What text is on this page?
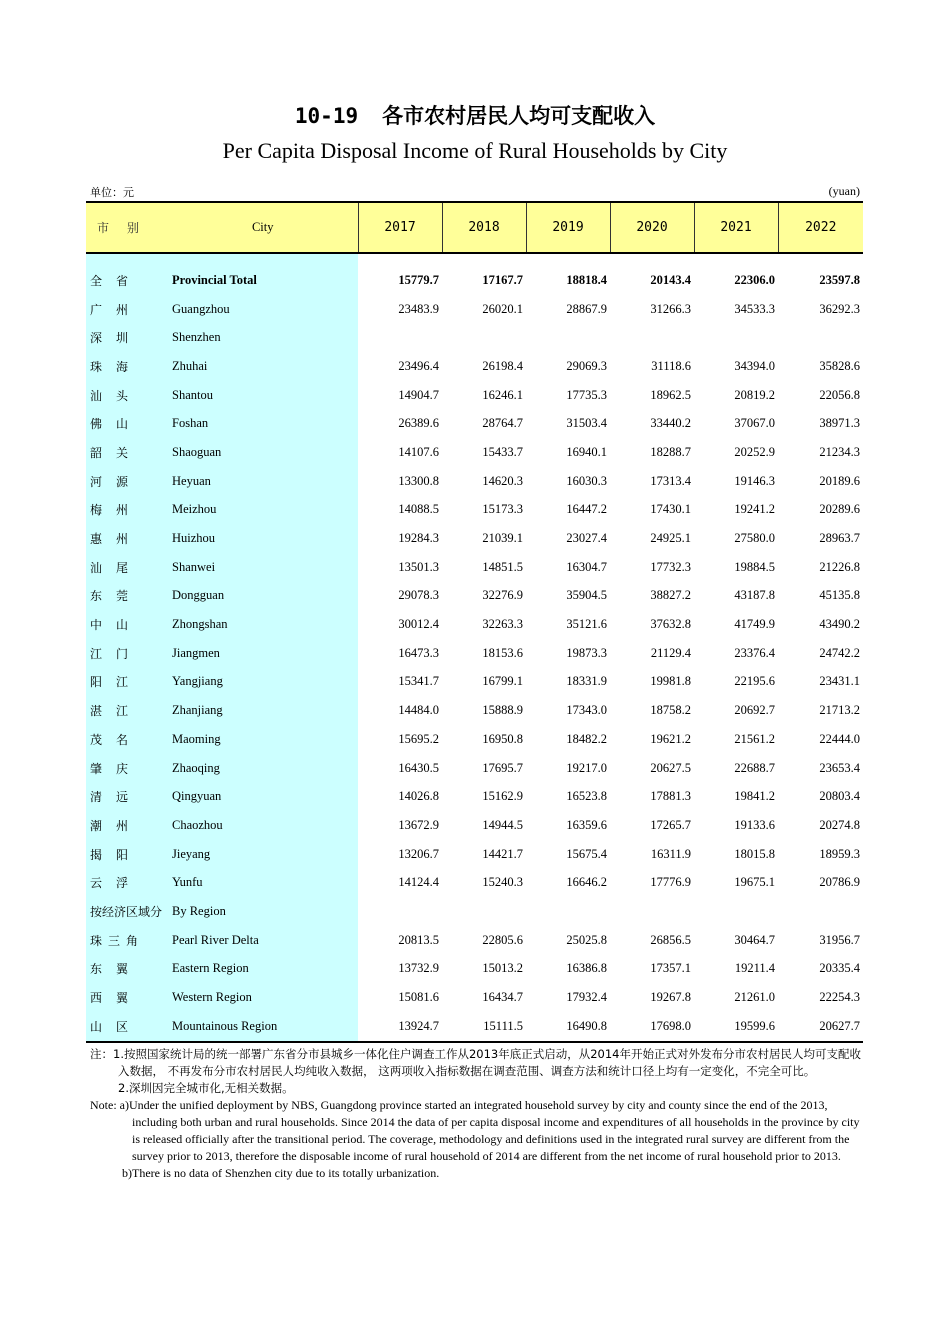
10-19 各市农村居民人均可支配收入
Per Capita Disposal Income of Rural Households by City
单位：元	(yuan)
市别	City	2017	2018	2019	2020	2021	2022

全省	Provincial Total	15779.7	17167.7	18818.4	20143.4	22306.0	23597.8
广州	Guangzhou	23483.9	26020.1	28867.9	31266.3	34533.3	36292.3
深圳	Shenzhen						
珠海	Zhuhai	23496.4	26198.4	29069.3	31118.6	34394.0	35828.6
汕头	Shantou	14904.7	16246.1	17735.3	18962.5	20819.2	22056.8
佛山	Foshan	26389.6	28764.7	31503.4	33440.2	37067.0	38971.3
韶关	Shaoguan	14107.6	15433.7	16940.1	18288.7	20252.9	21234.3
河源	Heyuan	13300.8	14620.3	16030.3	17313.4	19146.3	20189.6
梅州	Meizhou	14088.5	15173.3	16447.2	17430.1	19241.2	20289.6
惠州	Huizhou	19284.3	21039.1	23027.4	24925.1	27580.0	28963.7
汕尾	Shanwei	13501.3	14851.5	16304.7	17732.3	19884.5	21226.8
东莞	Dongguan	29078.3	32276.9	35904.5	38827.2	43187.8	45135.8
中山	Zhongshan	30012.4	32263.3	35121.6	37632.8	41749.9	43490.2
江门	Jiangmen	16473.3	18153.6	19873.3	21129.4	23376.4	24742.2
阳江	Yangjiang	15341.7	16799.1	18331.9	19981.8	22195.6	23431.1
湛江	Zhanjiang	14484.0	15888.9	17343.0	18758.2	20692.7	21713.2
茂名	Maoming	15695.2	16950.8	18482.2	19621.2	21561.2	22444.0
肇庆	Zhaoqing	16430.5	17695.7	19217.0	20627.5	22688.7	23653.4
清远	Qingyuan	14026.8	15162.9	16523.8	17881.3	19841.2	20803.4
潮州	Chaozhou	13672.9	14944.5	16359.6	17265.7	19133.6	20274.8
揭阳	Jieyang	13206.7	14421.7	15675.4	16311.9	18015.8	18959.3
云浮	Yunfu	14124.4	15240.3	16646.2	17776.9	19675.1	20786.9
按经济区域分	By Region						
珠三角	Pearl River Delta	20813.5	22805.6	25025.8	26856.5	30464.7	31956.7
东翼	Eastern Region	13732.9	15013.2	16386.8	17357.1	19211.4	20335.4
西翼	Western Region	15081.6	16434.7	17932.4	19267.8	21261.0	22254.3
山区	Mountainous Region	13924.7	15111.5	16490.8	17698.0	19599.6	20627.7
注：1.按照国家统计局的统一部署广东省分市县城乡一体化住户调查工作从2013年底正式启动，从2014年开始正式对外发布分市农村居民人均可支配收入数据， 不再发布分市农村居民人均纯收入数据， 这两项收入指标数据在调查范围、调查方法和统计口径上均有一定变化，不完全可比。
2.深圳因完全城市化,无相关数据。
Note: a)Under the unified deployment by NBS, Guangdong province started an integrated household survey by city and county since the end of the 2013, including both urban and rural households. Since 2014 the data of per capita disposal income and expenditures of all households in the province by city is released officially after the transitional period. The coverage, methodology and definitions used in the integrated rural survey are different from the survey prior to 2013, therefore the disposable income of rural household of 2014 are different from the net income of rural household prior to 2013.
b)There is no data of Shenzhen city due to its totally urbanization.
